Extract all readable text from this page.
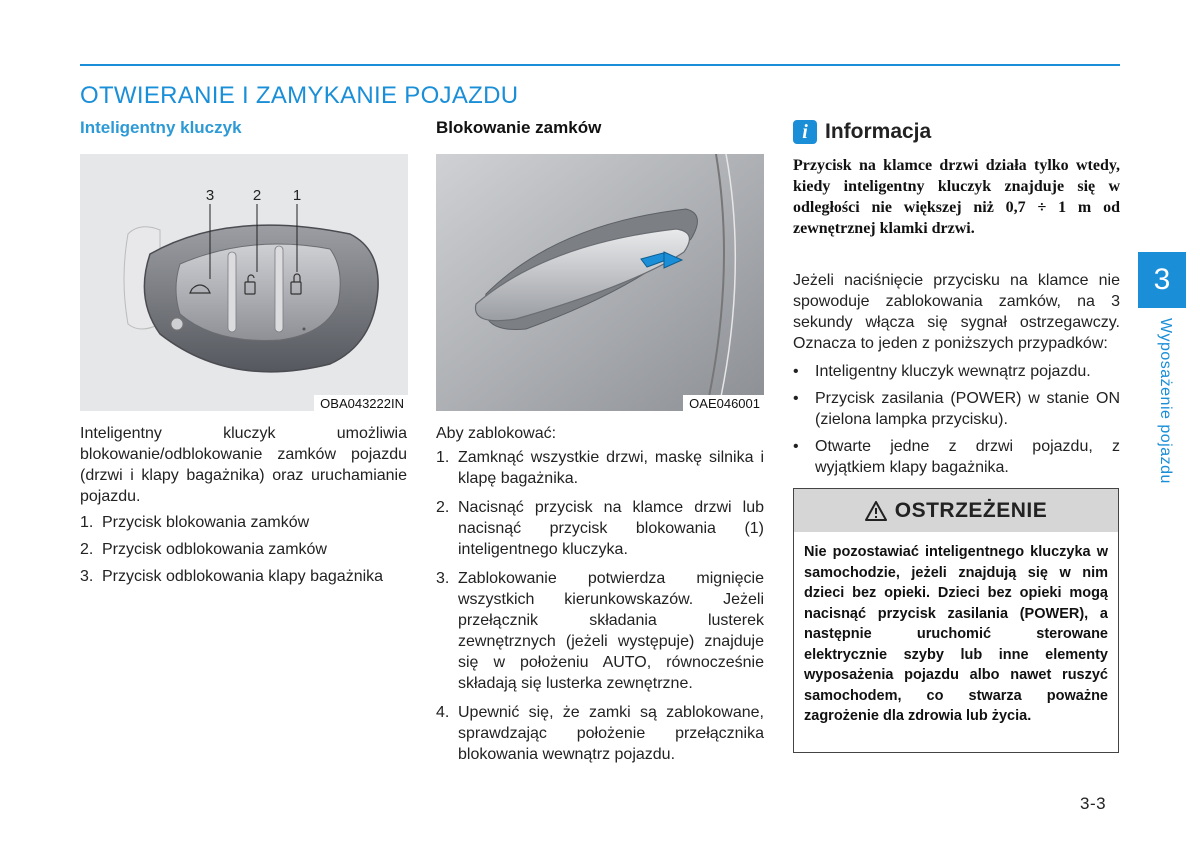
OTWIERANIE I ZAMYKANIE POJAZDU
Inteligentny kluczyk
3	2 1
OBA043222IN
Inteligentny kluczyk umożliwia blokowanie/odblokowanie zamków pojazdu (drzwi i klapy bagażnika) oraz uruchamianie pojazdu.
1. Przycisk blokowania zamków
2. Przycisk odblokowania zamków
3. Przycisk odblokowania klapy bagażnika
Blokowanie zamków
OAE046001
Aby zablokować:
1. Zamknąć wszystkie drzwi, maskę silnika i klapę bagażnika.
2. Nacisnąć przycisk na klamce drzwi lub nacisnąć przycisk blokowania (1) inteligentnego kluczyka.
3. Zablokowanie potwierdza mignięcie wszystkich kierunkowskazów. Jeżeli przełącznik składania lusterek zewnętrznych (jeżeli występuje) znajduje się w położeniu AUTO, równocześnie składają się lusterka zewnętrzne.
4. Upewnić się, że zamki są zablokowane, sprawdzając położenie przełącznika blokowania wewnątrz pojazdu.
i Informacja
Przycisk na klamce drzwi działa tylko wtedy, kiedy inteligentny kluczyk znajduje się w odległości nie większej niż 0,7 ÷ 1 m od zewnętrznej klamki drzwi.
Jeżeli naciśnięcie przycisku na klamce nie spowoduje zablokowania zamków, na 3 sekundy włącza się sygnał ostrzegawczy. Oznacza to jeden z poniższych przypadków:
•	Inteligentny kluczyk wewnątrz pojazdu.
•	Przycisk zasilania (POWER) w stanie ON (zielona lampka przycisku).
•	Otwarte jedne z drzwi pojazdu, z wyjątkiem klapy bagażnika.
OSTRZEŻENIE
Nie pozostawiać inteligentnego kluczyka w samochodzie, jeżeli znajdują się w nim dzieci bez opieki. Dzieci bez opieki mogą nacisnąć przycisk zasilania (POWER), a następnie uruchomić sterowane elektrycznie szyby lub inne elementy wyposażenia pojazdu albo nawet ruszyć samochodem, co stwarza poważne zagrożenie dla zdrowia lub życia.
3
Wyposażenie pojazdu
3-3
